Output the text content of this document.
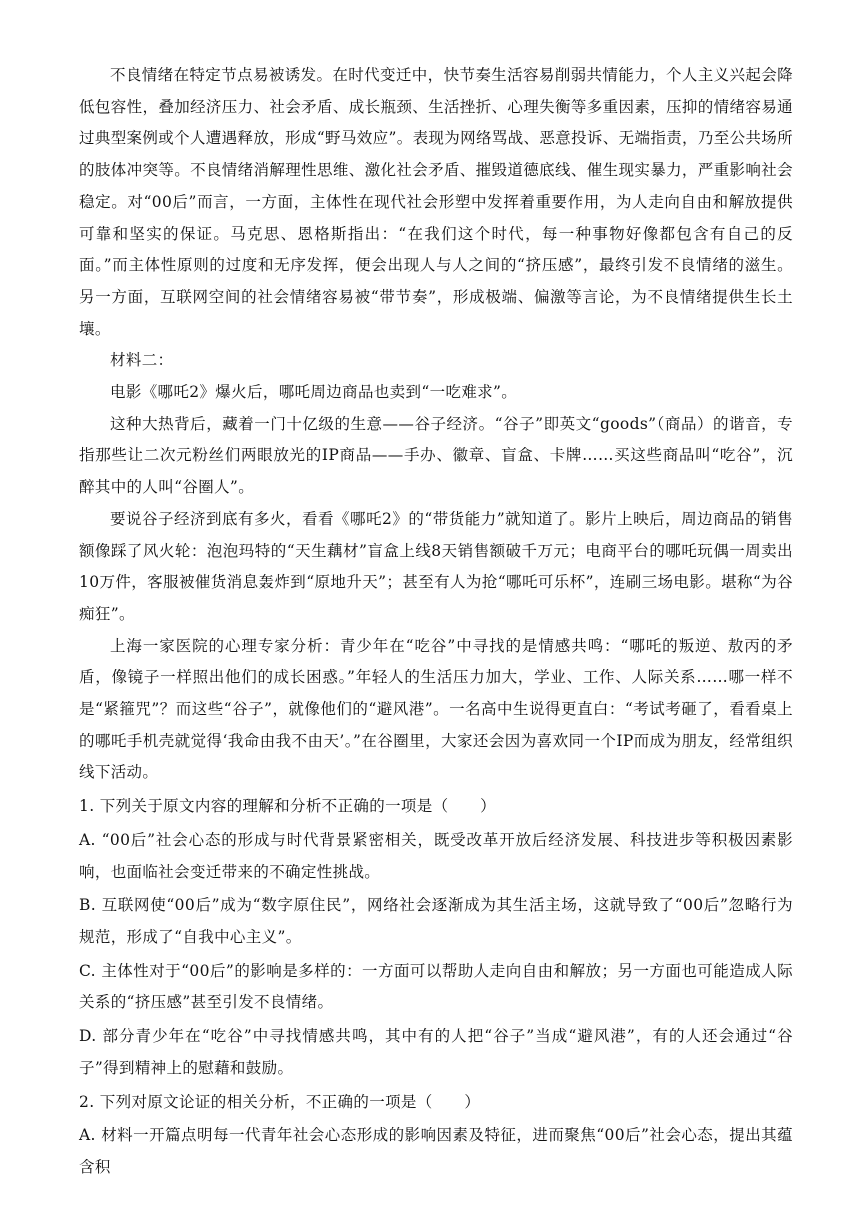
不良情绪在特定节点易被诱发。在时代变迁中，快节奏生活容易削弱共情能力，个人主义兴起会降低包容性，叠加经济压力、社会矛盾、成长瓶颈、生活挫折、心理失衡等多重因素，压抑的情绪容易通过典型案例或个人遭遇释放，形成“野马效应”。表现为网络骂战、恶意投诉、无端指责，乃至公共场所的肢体冲突等。不良情绪消解理性思维、激化社会矛盾、摧毁道德底线、催生现实暴力，严重影响社会稳定。对“00后”而言，一方面，主体性在现代社会形塑中发挥着重要作用，为人走向自由和解放提供可靠和坚实的保证。马克思、恩格斯指出：“在我们这个时代，每一种事物好像都包含有自己的反面。”而主体性原则的过度和无序发挥，便会出现人与人之间的“挤压感”，最终引发不良情绪的滋生。另一方面，互联网空间的社会情绪容易被“带节奏”，形成极端、偏激等言论，为不良情绪提供生长土壤。

材料二：

电影《哪吒2》爆火后，哪吒周边商品也卖到“一吃难求”。

这种大热背后，藏着一门十亿级的生意——谷子经济。“谷子”即英文“goods”（商品）的谐音，专指那些让二次元粉丝们两眼放光的IP商品——手办、徽章、盲盒、卡牌……买这些商品叫“吃谷”，沉醉其中的人叫“谷圈人”。

要说谷子经济到底有多火，看看《哪吒2》的“带货能力”就知道了。影片上映后，周边商品的销售额像踩了风火轮：泡泡玛特的“天生藕材”盲盒上线8天销售额破千万元；电商平台的哪吒玩偶一周卖出10万件，客服被催货消息轰炸到“原地升天”；甚至有人为抢“哪吒可乐杯”，连刷三场电影。堪称“为谷痴狂”。

上海一家医院的心理专家分析：青少年在“吃谷”中寻找的是情感共鸣：“哪吒的叛逆、敖丙的矛盾，像镜子一样照出他们的成长困惑。”年轻人的生活压力加大，学业、工作、人际关系……哪一样不是“紧箍咒”？而这些“谷子”，就像他们的“避风港”。一名高中生说得更直白：“考试考砸了，看看桌上的哪吒手机壳就觉得‘我命由我不由天’。”在谷圈里，大家还会因为喜欢同一个IP而成为朋友，经常组织线下活动。

1. 下列关于原文内容的理解和分析不正确的一项是（　　）

A. “00后”社会心态的形成与时代背景紧密相关，既受改革开放后经济发展、科技进步等积极因素影响，也面临社会变迁带来的不确定性挑战。

B. 互联网使“00后”成为“数字原住民”，网络社会逐渐成为其生活主场，这就导致了“00后”忽略行为规范，形成了“自我中心主义”。

C. 主体性对于“00后”的影响是多样的：一方面可以帮助人走向自由和解放；另一方面也可能造成人际关系的“挤压感”甚至引发不良情绪。

D. 部分青少年在“吃谷”中寻找情感共鸣，其中有的人把“谷子”当成“避风港”，有的人还会通过“谷子”得到精神上的慰藉和鼓励。

2. 下列对原文论证的相关分析，不正确的一项是（　　）

A. 材料一开篇点明每一代青年社会心态形成的影响因素及特征，进而聚焦“00后”社会心态，提出其蕴含积
